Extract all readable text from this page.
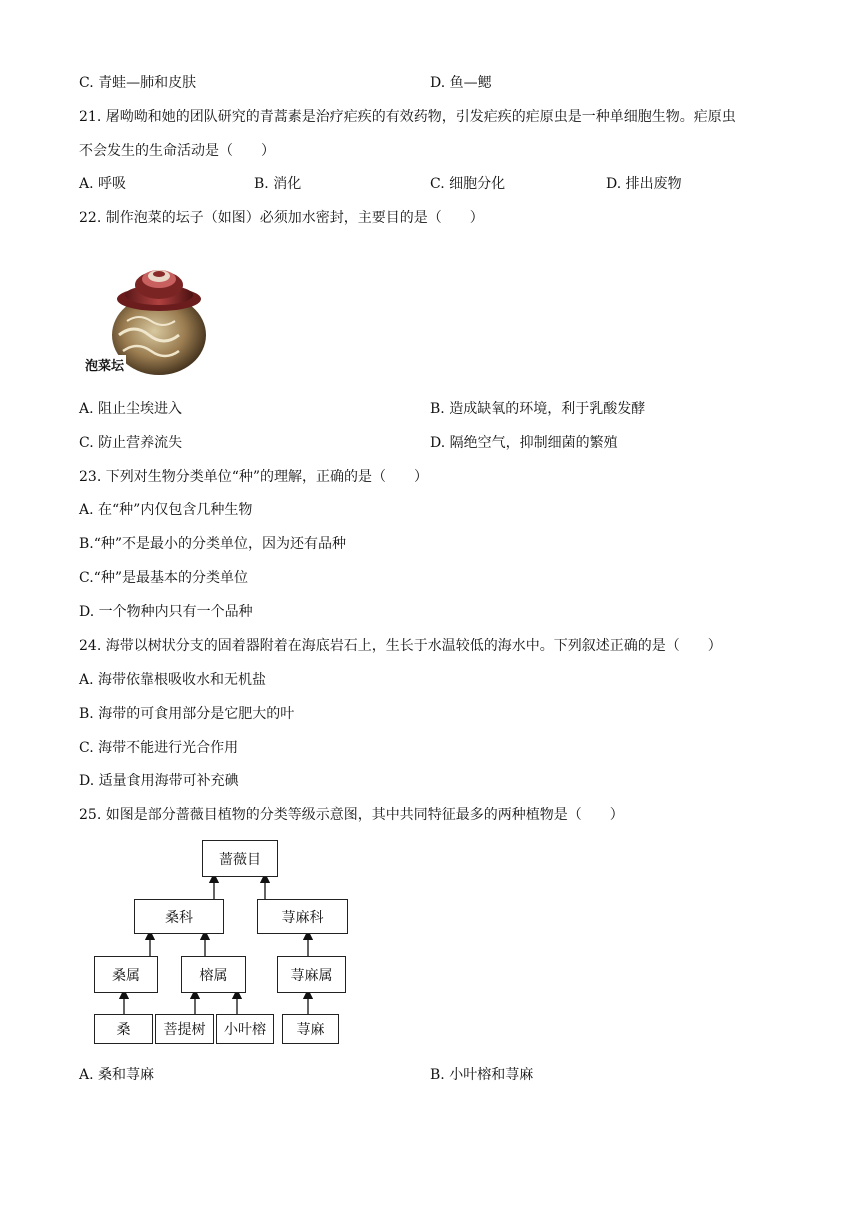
C. 青蛙—肺和皮肤	D. 鱼—鳃
21. 屠呦呦和她的团队研究的青蒿素是治疗疟疾的有效药物，引发疟疾的疟原虫是一种单细胞生物。疟原虫
不会发生的生命活动是（　　）
A. 呼吸	B. 消化	C. 细胞分化	D. 排出废物
22. 制作泡菜的坛子（如图）必须加水密封，主要目的是（　　）
泡菜坛
A. 阻止尘埃进入	B. 造成缺氧的环境，利于乳酸发酵
C. 防止营养流失	D. 隔绝空气，抑制细菌的繁殖
23. 下列对生物分类单位“种”的理解，正确的是（　　）
A. 在“种”内仅包含几种生物
B.“种”不是最小的分类单位，因为还有品种
C.“种”是最基本的分类单位
D. 一个物种内只有一个品种
24. 海带以树状分支的固着器附着在海底岩石上，生长于水温较低的海水中。下列叙述正确的是（　　）
A. 海带依靠根吸收水和无机盐
B. 海带的可食用部分是它肥大的叶
C. 海带不能进行光合作用
D. 适量食用海带可补充碘
25. 如图是部分蔷薇目植物的分类等级示意图，其中共同特征最多的两种植物是（　　）
蔷薇目
桑科	荨麻科
桑属	榕属	荨麻属
桑	菩提树	小叶榕	荨麻
A. 桑和荨麻	B. 小叶榕和荨麻
